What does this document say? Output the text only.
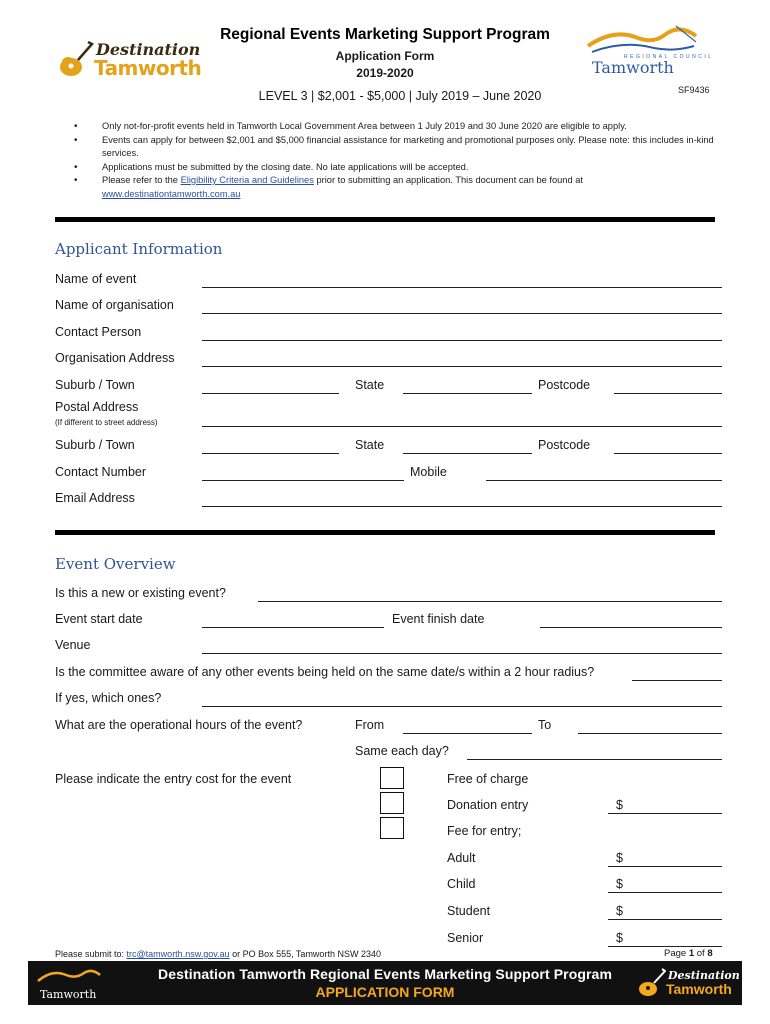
Destination
Tamworth	REGIONAL COUNCIL
Tamworth
Regional Events Marketing Support Program
Application Form
2019-2020
LEVEL 3 | $2,001 - $5,000 | July 2019 – June 2020	SF9436
• Only not-for-profit events held in Tamworth Local Government Area between 1 July 2019 and 30 June 2020 are eligible to apply.
• Events can apply for between $2,001 and $5,000 financial assistance for marketing and promotional purposes only. Please note: this includes in-kind services.
• Applications must be submitted by the closing date. No late applications will be accepted.
• Please refer to the Eligibility Criteria and Guidelines prior to submitting an application. This document can be found at www.destinationtamworth.com.au
Applicant Information
Name of event
Name of organisation
Contact Person
Organisation Address
Suburb / Town	State	Postcode
Postal Address
(If different to street address)
Suburb / Town	State	Postcode
Contact Number	Mobile
Email Address
Event Overview
Is this a new or existing event?
Event start date	Event finish date
Venue
Is the committee aware of any other events being held on the same date/s within a 2 hour radius?
If yes, which ones?
What are the operational hours of the event?	From	To
Same each day?
Please indicate the entry cost for the event	Free of charge
Donation entry	$
Fee for entry;
Adult	$
Child	$
Student	$
Senior	$
Please submit to: trc@tamworth.nsw.gov.au or PO Box 555, Tamworth NSW 2340	Page 1 of 8
Tamworth
Destination Tamworth Regional Events Marketing Support Program
APPLICATION FORM
Destination
Tamworth
